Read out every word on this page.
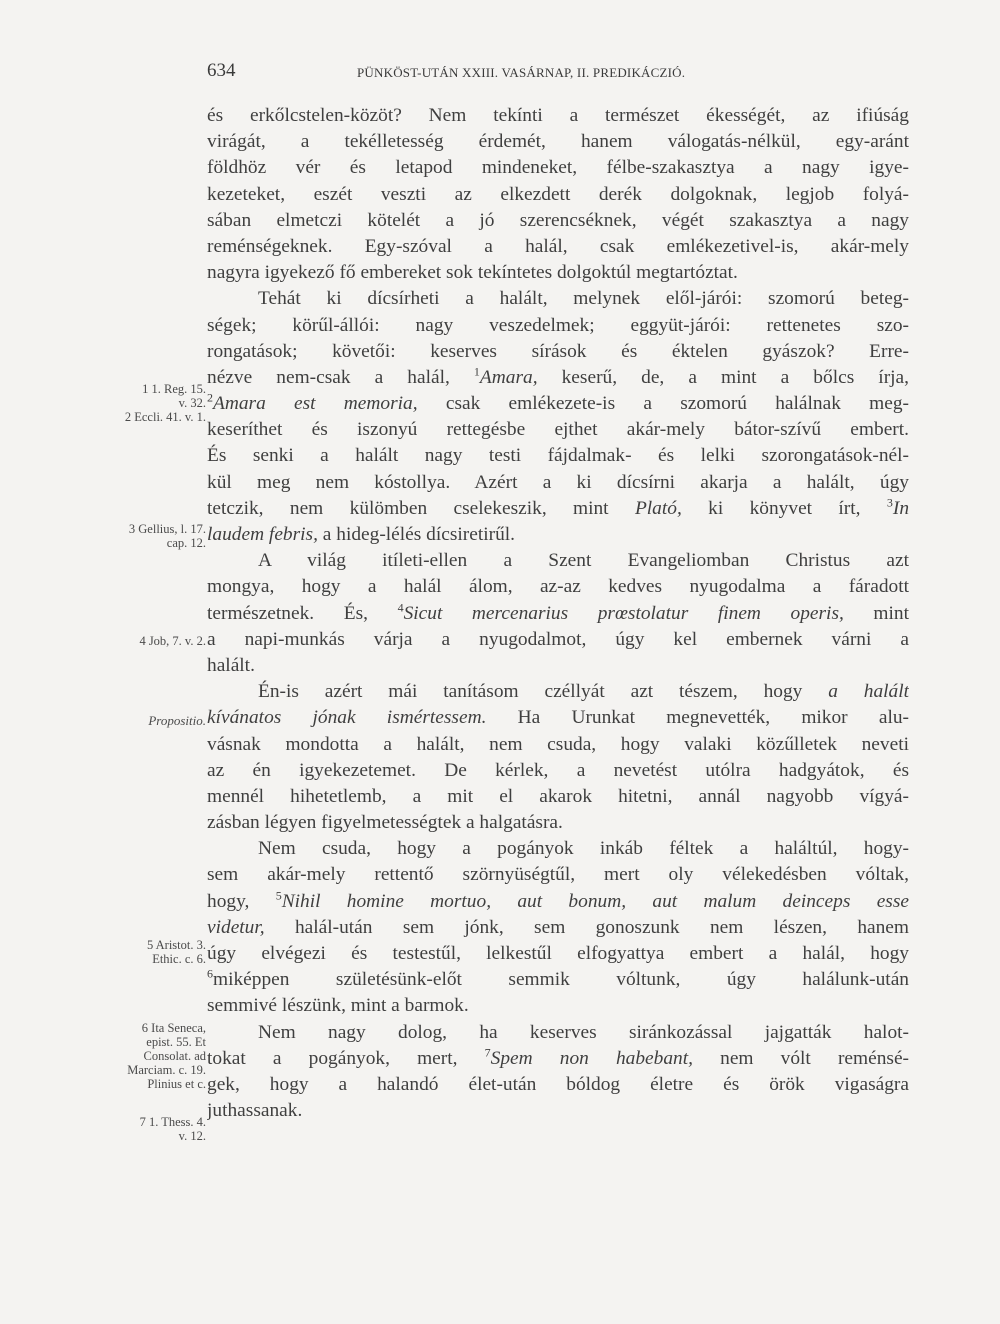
634	PÜNKÖST-UTÁN XXIII. VASÁRNAP, II. PREDIKÁCZIÓ.
és erkőlcstelen-közöt? Nem tekínti a természet ékességét, az ifiúság
virágát, a tekélletesség érdemét, hanem válogatás-nélkül, egy-aránt
földhöz vér és letapod mindeneket, félbe-szakasztya a nagy igye-
kezeteket, eszét veszti az elkezdett derék dolgoknak, legjob folyá-
sában elmetczi kötelét a jó szerencséknek, végét szakasztya a nagy
reménségeknek. Egy-szóval a halál, csak emlékezetivel-is, akár-mely
nagyra igyekező fő embereket sok tekíntetes dolgoktúl megtartóztat.
Tehát ki dícsírheti a halált, melynek elől-járói: szomorú beteg-
ségek; körűl-állói: nagy veszedelmek; eggyüt-járói: rettenetes szo-
rongatások; követői: keserves sírások és éktelen gyászok? Erre-
nézve nem-csak a halál, $^1$Amara, keserű, de, a mint a bőlcs írja,
$^2$Amara est memoria, csak emlékezete-is a szomorú halálnak meg-
keseríthet és iszonyú rettegésbe ejthet akár-mely bátor-szívű embert.
És senki a halált nagy testi fájdalmak- és lelki szorongatások-nél-
kül meg nem kóstollya. Azért a ki dícsírni akarja a halált, úgy
tetczik, nem külömben cselekeszik, mint Plató, ki könyvet írt, $^3$In
laudem febris, a hideg-lélés dícsiretirűl.
A világ itíleti-ellen a Szent Evangeliomban Christus azt
mongya, hogy a halál álom, az-az kedves nyugodalma a fáradott
természetnek. És, $^4$Sicut mercenarius prœstolatur finem operis, mint
a napi-munkás várja a nyugodalmot, úgy kel embernek várni a
halált.
Én-is azért mái tanításom czéllyát azt tészem, hogy a halált
kívánatos jónak ismértessem. Ha Urunkat megnevették, mikor alu-
vásnak mondotta a halált, nem csuda, hogy valaki közűlletek neveti
az én igyekezetemet. De kérlek, a nevetést utólra hadgyátok, és
mennél hihetetlemb, a mit el akarok hitetni, annál nagyobb vígyá-
zásban légyen figyelmetességtek a halgatásra.
Nem csuda, hogy a pogányok inkáb féltek a haláltúl, hogy-
sem akár-mely rettentő szörnyüségtűl, mert oly vélekedésben vóltak,
hogy, $^5$Nihil homine mortuo, aut bonum, aut malum deinceps esse
videtur, halál-után sem jónk, sem gonoszunk nem lészen, hanem
úgy elvégezi és testestűl, lelkestűl elfogyattya embert a halál, hogy
$^6$miképpen születésünk-előt semmik vóltunk, úgy halálunk-után
semmivé lészünk, mint a barmok.
Nem nagy dolog, ha keserves siránkozással jajgatták halot-
tokat a pogányok, mert, $^7$Spem non habebant, nem vólt reménsé-
gek, hogy a halandó élet-után bóldog életre és örök vigaságra
juthassanak.
1 1. Reg. 15.
v. 32.
2 Eccli. 41. v. 1.
3 Gellius, l. 17.
cap. 12.
4 Job, 7. v. 2.
Propositio.
5 Aristot. 3.
Ethic. c. 6.
6 Ita Seneca,
epist. 55. Et
Consolat. ad
Marciam. c. 19.
Plinius et c.
7 1. Thess. 4.
v. 12.
